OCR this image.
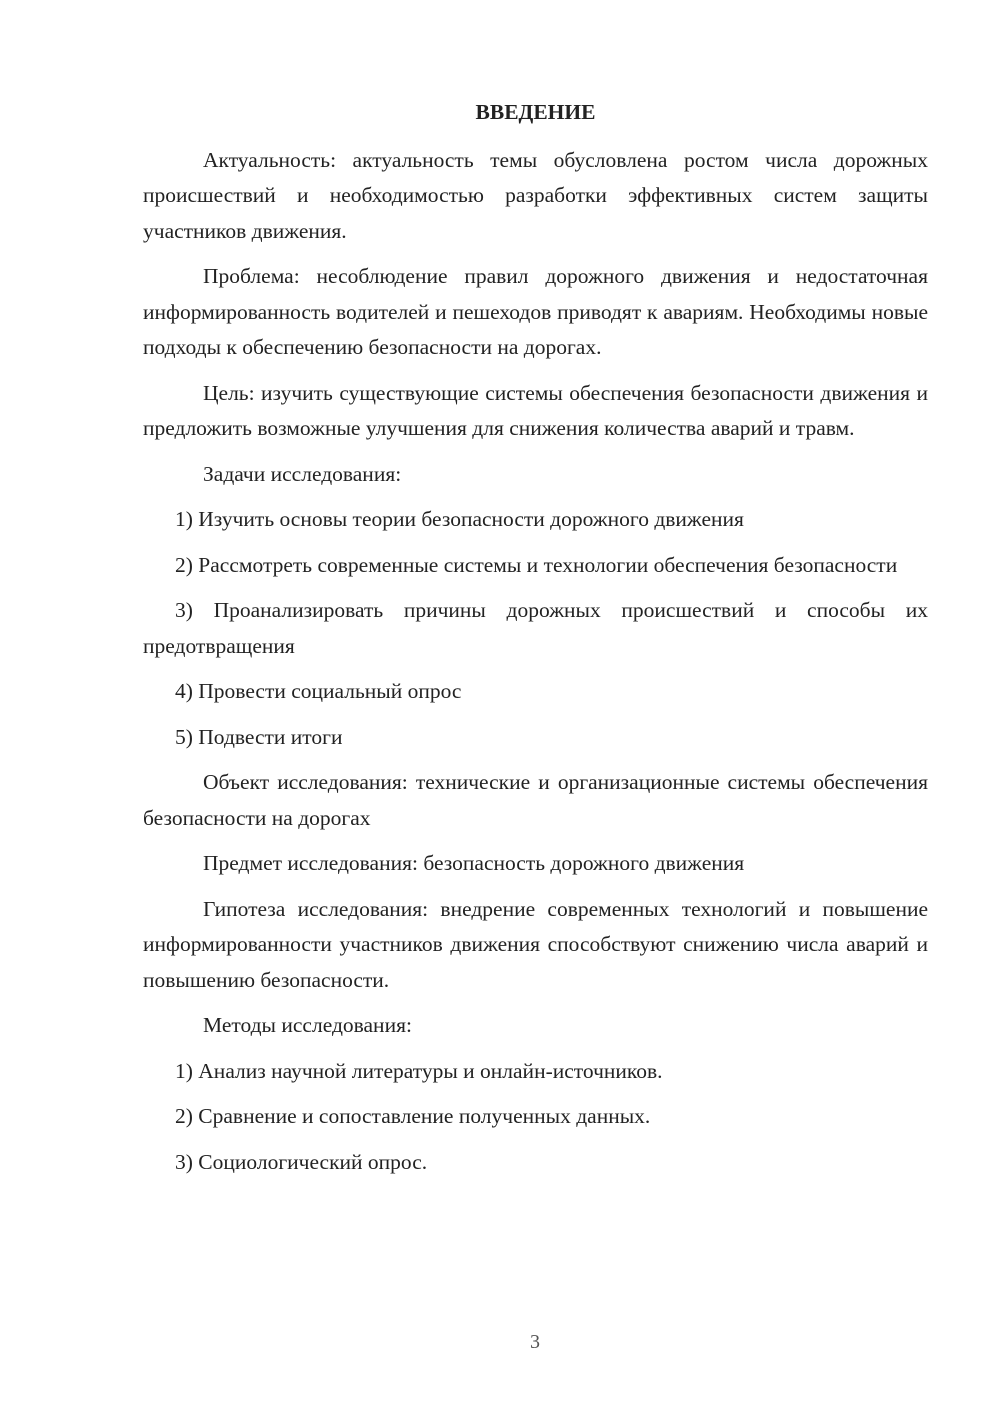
ВВЕДЕНИЕ

Актуальность: актуальность темы обусловлена ростом числа дорожных происшествий и необходимостью разработки эффективных систем защиты участников движения.

Проблема: несоблюдение правил дорожного движения и недостаточная информированность водителей и пешеходов приводят к авариям. Необходимы новые подходы к обеспечению безопасности на дорогах.

Цель: изучить существующие системы обеспечения безопасности движения и предложить возможные улучшения для снижения количества аварий и травм.

Задачи исследования:

1) Изучить основы теории безопасности дорожного движения

2) Рассмотреть современные системы и технологии обеспечения безопасности

3) Проанализировать причины дорожных происшествий и способы их предотвращения

4) Провести социальный опрос

5) Подвести итоги

Объект исследования: технические и организационные системы обеспечения безопасности на дорогах

Предмет исследования: безопасность дорожного движения

Гипотеза исследования: внедрение современных технологий и повышение информированности участников движения способствуют снижению числа аварий и повышению безопасности.

Методы исследования:

1) Анализ научной литературы и онлайн-источников.

2) Сравнение и сопоставление полученных данных.

3) Социологический опрос.

3
